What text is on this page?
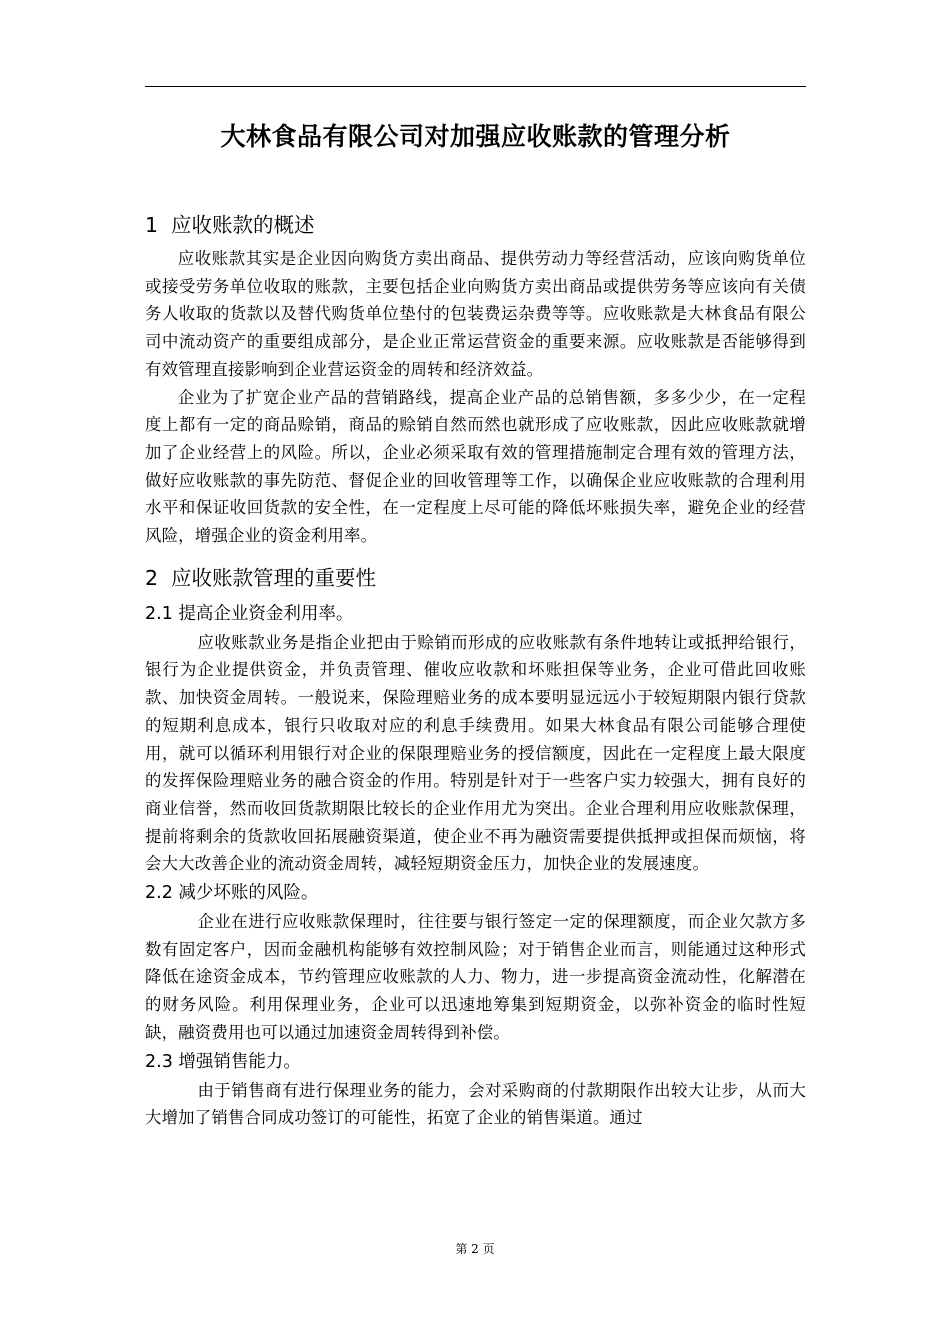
大林食品有限公司对加强应收账款的管理分析
1 应收账款的概述

应收账款其实是企业因向购货方卖出商品、提供劳动力等经营活动，应该向购货单位或接受劳务单位收取的账款，主要包括企业向购货方卖出商品或提供劳务等应该向有关债务人收取的货款以及替代购货单位垫付的包装费运杂费等等。应收账款是大林食品有限公司中流动资产的重要组成部分，是企业正常运营资金的重要来源。应收账款是否能够得到有效管理直接影响到企业营运资金的周转和经济效益。

企业为了扩宽企业产品的营销路线，提高企业产品的总销售额，多多少少，在一定程度上都有一定的商品赊销，商品的赊销自然而然也就形成了应收账款，因此应收账款就增加了企业经营上的风险。所以，企业必须采取有效的管理措施制定合理有效的管理方法，做好应收账款的事先防范、督促企业的回收管理等工作，以确保企业应收账款的合理利用水平和保证收回货款的安全性，在一定程度上尽可能的降低坏账损失率，避免企业的经营风险，增强企业的资金利用率。

2 应收账款管理的重要性
2.1 提高企业资金利用率。

应收账款业务是指企业把由于赊销而形成的应收账款有条件地转让或抵押给银行，银行为企业提供资金，并负责管理、催收应收款和坏账担保等业务，企业可借此回收账款、加快资金周转。一般说来，保险理赔业务的成本要明显远远小于较短期限内银行贷款的短期利息成本，银行只收取对应的利息手续费用。如果大林食品有限公司能够合理使用，就可以循环利用银行对企业的保限理赔业务的授信额度，因此在一定程度上最大限度的发挥保险理赔业务的融合资金的作用。特别是针对于一些客户实力较强大，拥有良好的商业信誉，然而收回货款期限比较长的企业作用尤为突出。企业合理利用应收账款保理，提前将剩余的货款收回拓展融资渠道，使企业不再为融资需要提供抵押或担保而烦恼，将会大大改善企业的流动资金周转，减轻短期资金压力，加快企业的发展速度。

2.2 减少坏账的风险。

企业在进行应收账款保理时，往往要与银行签定一定的保理额度，而企业欠款方多数有固定客户，因而金融机构能够有效控制风险；对于销售企业而言，则能通过这种形式降低在途资金成本，节约管理应收账款的人力、物力，进一步提高资金流动性，化解潜在的财务风险。利用保理业务，企业可以迅速地筹集到短期资金，以弥补资金的临时性短缺，融资费用也可以通过加速资金周转得到补偿。

2.3 增强销售能力。

由于销售商有进行保理业务的能力，会对采购商的付款期限作出较大让步，从而大大增加了销售合同成功签订的可能性，拓宽了企业的销售渠道。通过

第 2 页
